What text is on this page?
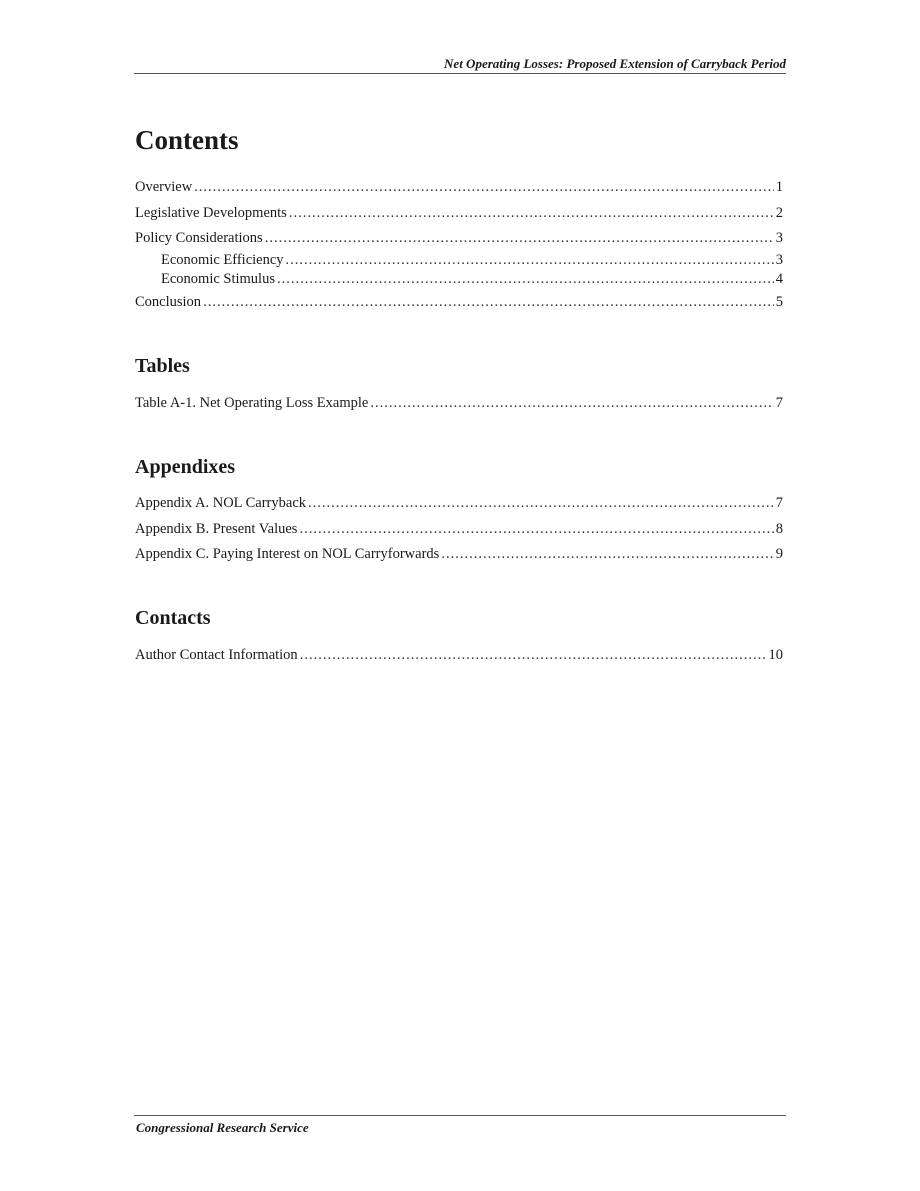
Net Operating Losses: Proposed Extension of Carryback Period
Contents
Overview .....	1
Legislative Developments .....	2
Policy Considerations .....	3
Economic Efficiency .....	3
Economic Stimulus .....	4
Conclusion .....	5
Tables
Table A-1. Net Operating Loss Example .....	7
Appendixes
Appendix A. NOL Carryback .....	7
Appendix B. Present Values .....	8
Appendix C. Paying Interest on NOL Carryforwards .....	9
Contacts
Author Contact Information .....	10
Congressional Research Service
